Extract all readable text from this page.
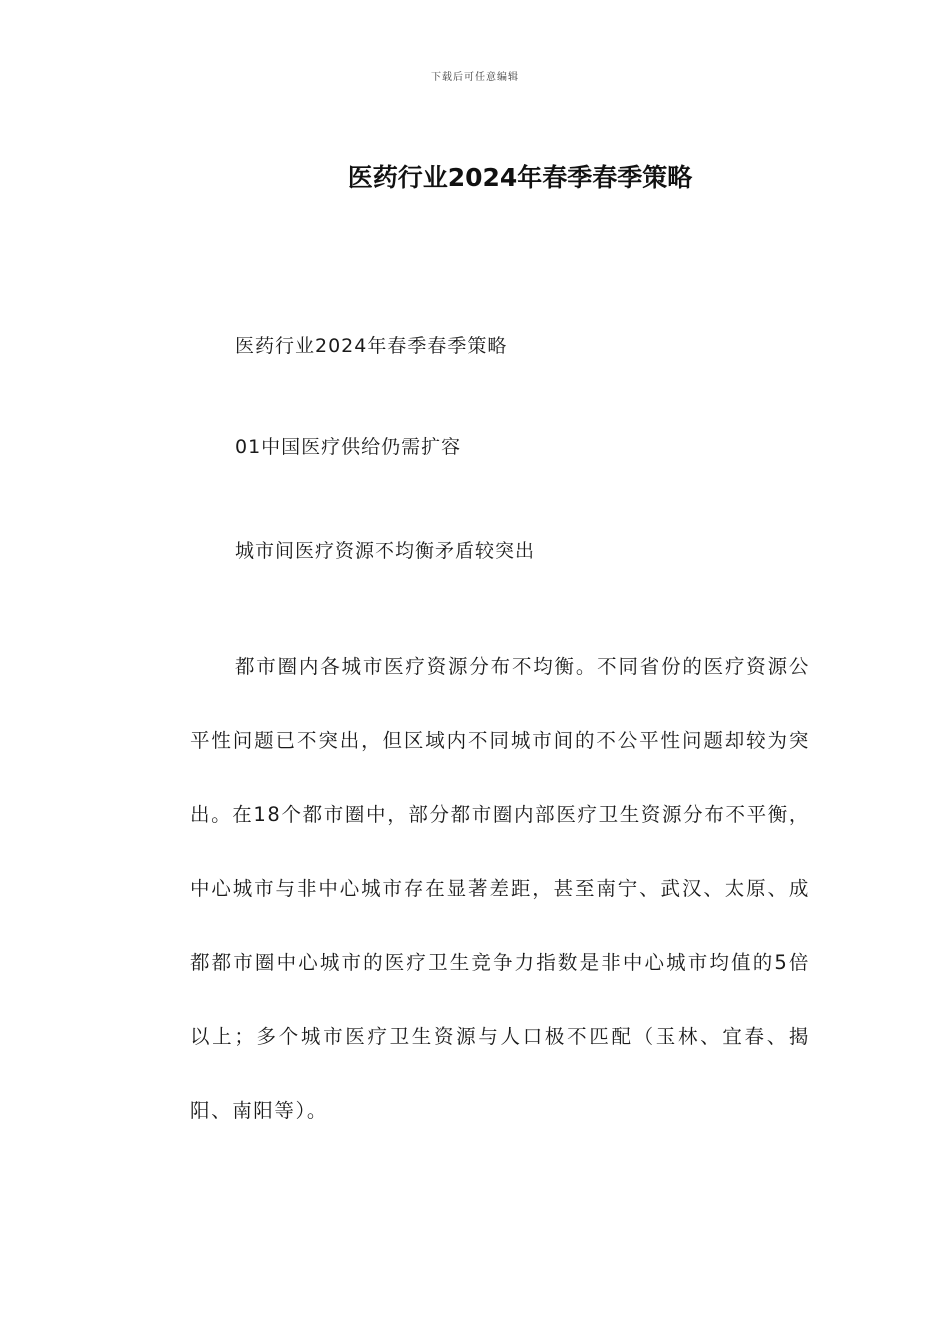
下载后可任意编辑
医药行业2024年春季春季策略
医药行业2024年春季春季策略
01中国医疗供给仍需扩容
城市间医疗资源不均衡矛盾较突出
都市圈内各城市医疗资源分布不均衡。不同省份的医疗资源公平性问题已不突出，但区域内不同城市间的不公平性问题却较为突出。在18个都市圈中，部分都市圈内部医疗卫生资源分布不平衡，中心城市与非中心城市存在显著差距，甚至南宁、武汉、太原、成都都市圈中心城市的医疗卫生竞争力指数是非中心城市均值的5倍以上；多个城市医疗卫生资源与人口极不匹配（玉林、宜春、揭阳、南阳等）。
